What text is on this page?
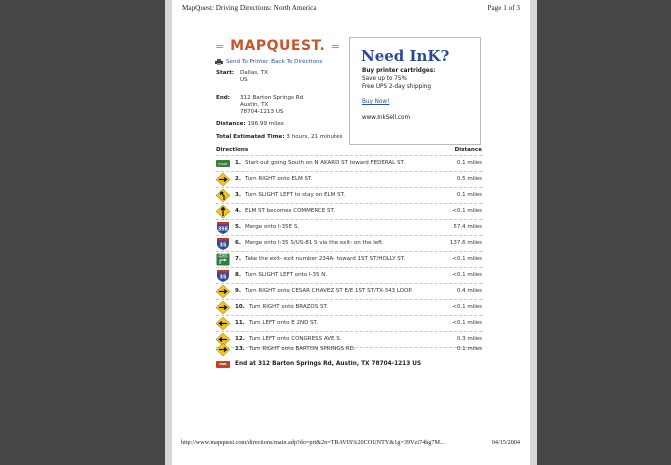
MapQuest: Driving Directions: North America	Page 1 of 3
= MAPQUEST. =
Send To Printer Back To Directions
Start: Dallas, TX
US
End: 312 Barton Springs Rd
Austin, TX
78704-1213 US
Distance: 196.99 miles
Total Estimated Time: 3 hours, 21 minutes
Need InK?
Buy printer cartridges:
Save up to 75%
Free UPS 2-day shipping
Buy Now!
www.InkSell.com
Directions	Distance
START 1. Start out going South on N AKARD ST toward FEDERAL ST.	0.1 miles
2. Turn RIGHT onto ELM ST.	0.5 miles
3. Turn SLIGHT LEFT to stay on ELM ST.	0.1 miles
4. ELM ST becomes COMMERCE ST.	<0.1 miles
35E 5. Merge onto I-35E S.	57.4 miles
35 6. Merge onto I-35 S/US-81 S via the exit- on the left.	137.6 miles
234A 7. Take the exit- exit number 234A- toward 1ST ST/HOLLY ST.	<0.1 miles
35 8. Turn SLIGHT LEFT onto I-35 N.	<0.1 miles
9. Turn RIGHT onto CESAR CHAVEZ ST E/E 1ST ST/TX-343 LOOP.	0.4 miles
10. Turn RIGHT onto BRAZOS ST.	<0.1 miles
11. Turn LEFT onto E 2ND ST.	<0.1 miles
12. Turn LEFT onto CONGRESS AVE S.	0.3 miles
13. Turn RIGHT onto BARTON SPRINGS RD.	0.1 miles
END	End at 312 Barton Springs Rd, Austin, TX 78704-1213 US
http://www.mapquest.com/directions/main.adp?do=prt&2n=TRAVIS%20COUNTY&1g=39Vzi74hg7M...	04/15/2004
